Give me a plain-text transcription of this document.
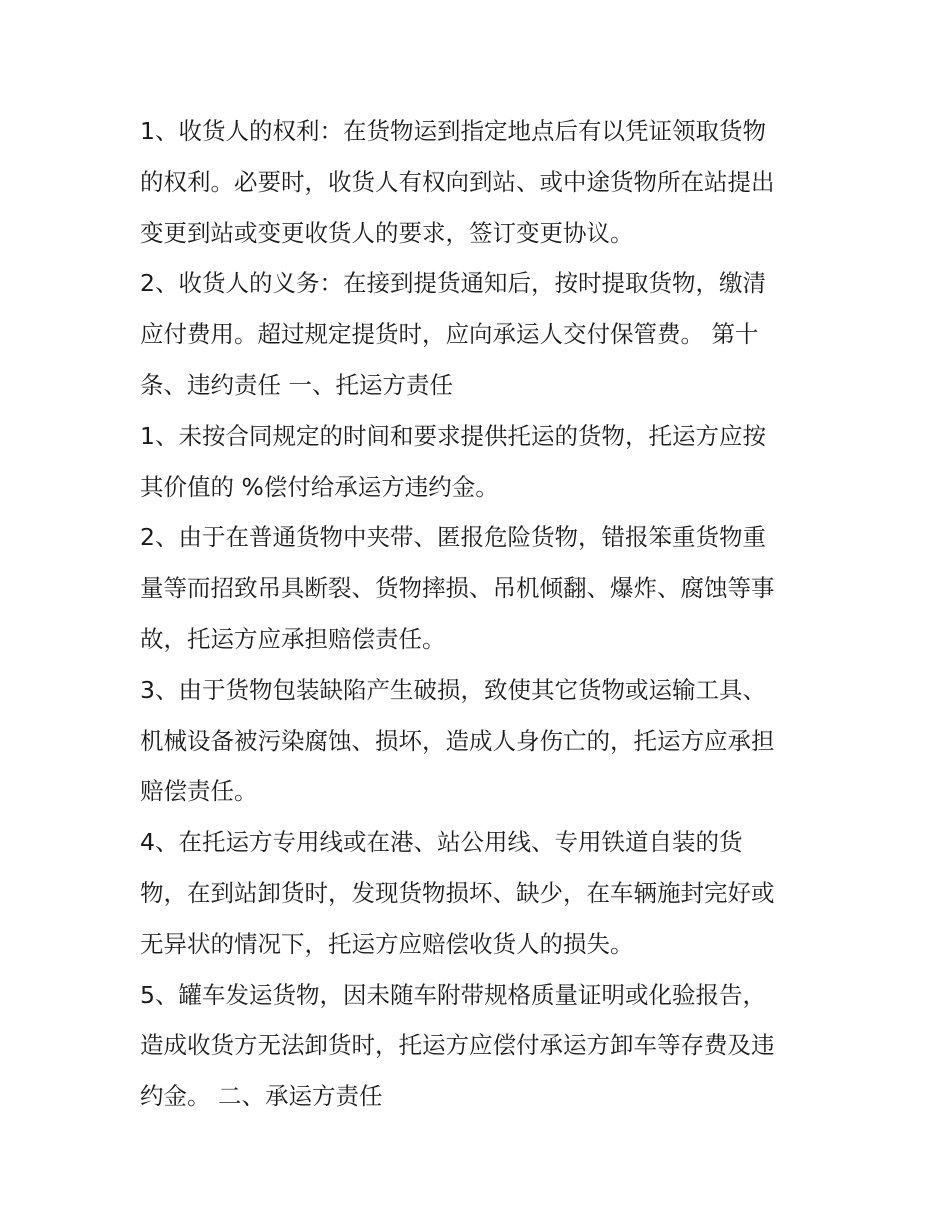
1、收货人的权利：在货物运到指定地点后有以凭证领取货物
的权利。必要时，收货人有权向到站、或中途货物所在站提出
变更到站或变更收货人的要求，签订变更协议。

2、收货人的义务：在接到提货通知后，按时提取货物，缴清
应付费用。超过规定提货时，应向承运人交付保管费。 第十
条、违约责任 一、托运方责任

1、未按合同规定的时间和要求提供托运的货物，托运方应按
其价值的 %偿付给承运方违约金。

2、由于在普通货物中夹带、匿报危险货物，错报笨重货物重
量等而招致吊具断裂、货物摔损、吊机倾翻、爆炸、腐蚀等事
故，托运方应承担赔偿责任。

3、由于货物包装缺陷产生破损，致使其它货物或运输工具、
机械设备被污染腐蚀、损坏，造成人身伤亡的，托运方应承担
赔偿责任。

4、在托运方专用线或在港、站公用线、专用铁道自装的货
物，在到站卸货时，发现货物损坏、缺少，在车辆施封完好或
无异状的情况下，托运方应赔偿收货人的损失。

5、罐车发运货物，因未随车附带规格质量证明或化验报告，
造成收货方无法卸货时，托运方应偿付承运方卸车等存费及违
约金。 二、承运方责任
